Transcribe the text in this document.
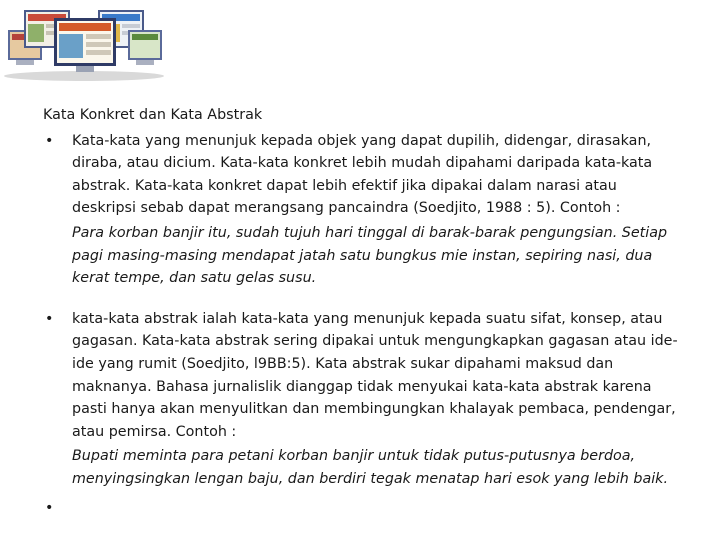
Kata Konkret dan Kata Abstrak
•	Kata-kata yang menunjuk kepada objek yang dapat dupilih, didengar, dirasakan, diraba, atau dicium. Kata-kata konkret lebih mudah dipahami daripada kata-kata abstrak. Kata-kata konkret dapat lebih efektif jika dipakai dalam narasi atau deskripsi sebab dapat merangsang pancaindra (Soedjito, 1988 : 5). Contoh :
Para korban banjir itu, sudah tujuh hari tinggal di barak-barak pengungsian. Setiap pagi masing-masing mendapat jatah satu bungkus mie instan, sepiring nasi, dua kerat tempe, dan satu gelas susu.
•	kata-kata abstrak ialah kata-kata yang menunjuk kepada suatu sifat, konsep, atau gagasan. Kata-kata abstrak sering dipakai untuk mengungkapkan gagasan atau ide-ide yang rumit (Soedjito, l9BB:5). Kata abstrak sukar dipahami maksud dan maknanya. Bahasa jurnalislik dianggap tidak menyukai kata-kata abstrak karena pasti hanya akan menyulitkan dan membingungkan khalayak pembaca, pendengar, atau pemirsa. Contoh :
Bupati meminta para petani korban banjir untuk tidak putus-putusnya berdoa, menyingsingkan lengan baju, dan berdiri tegak menatap hari esok yang lebih baik.
•
